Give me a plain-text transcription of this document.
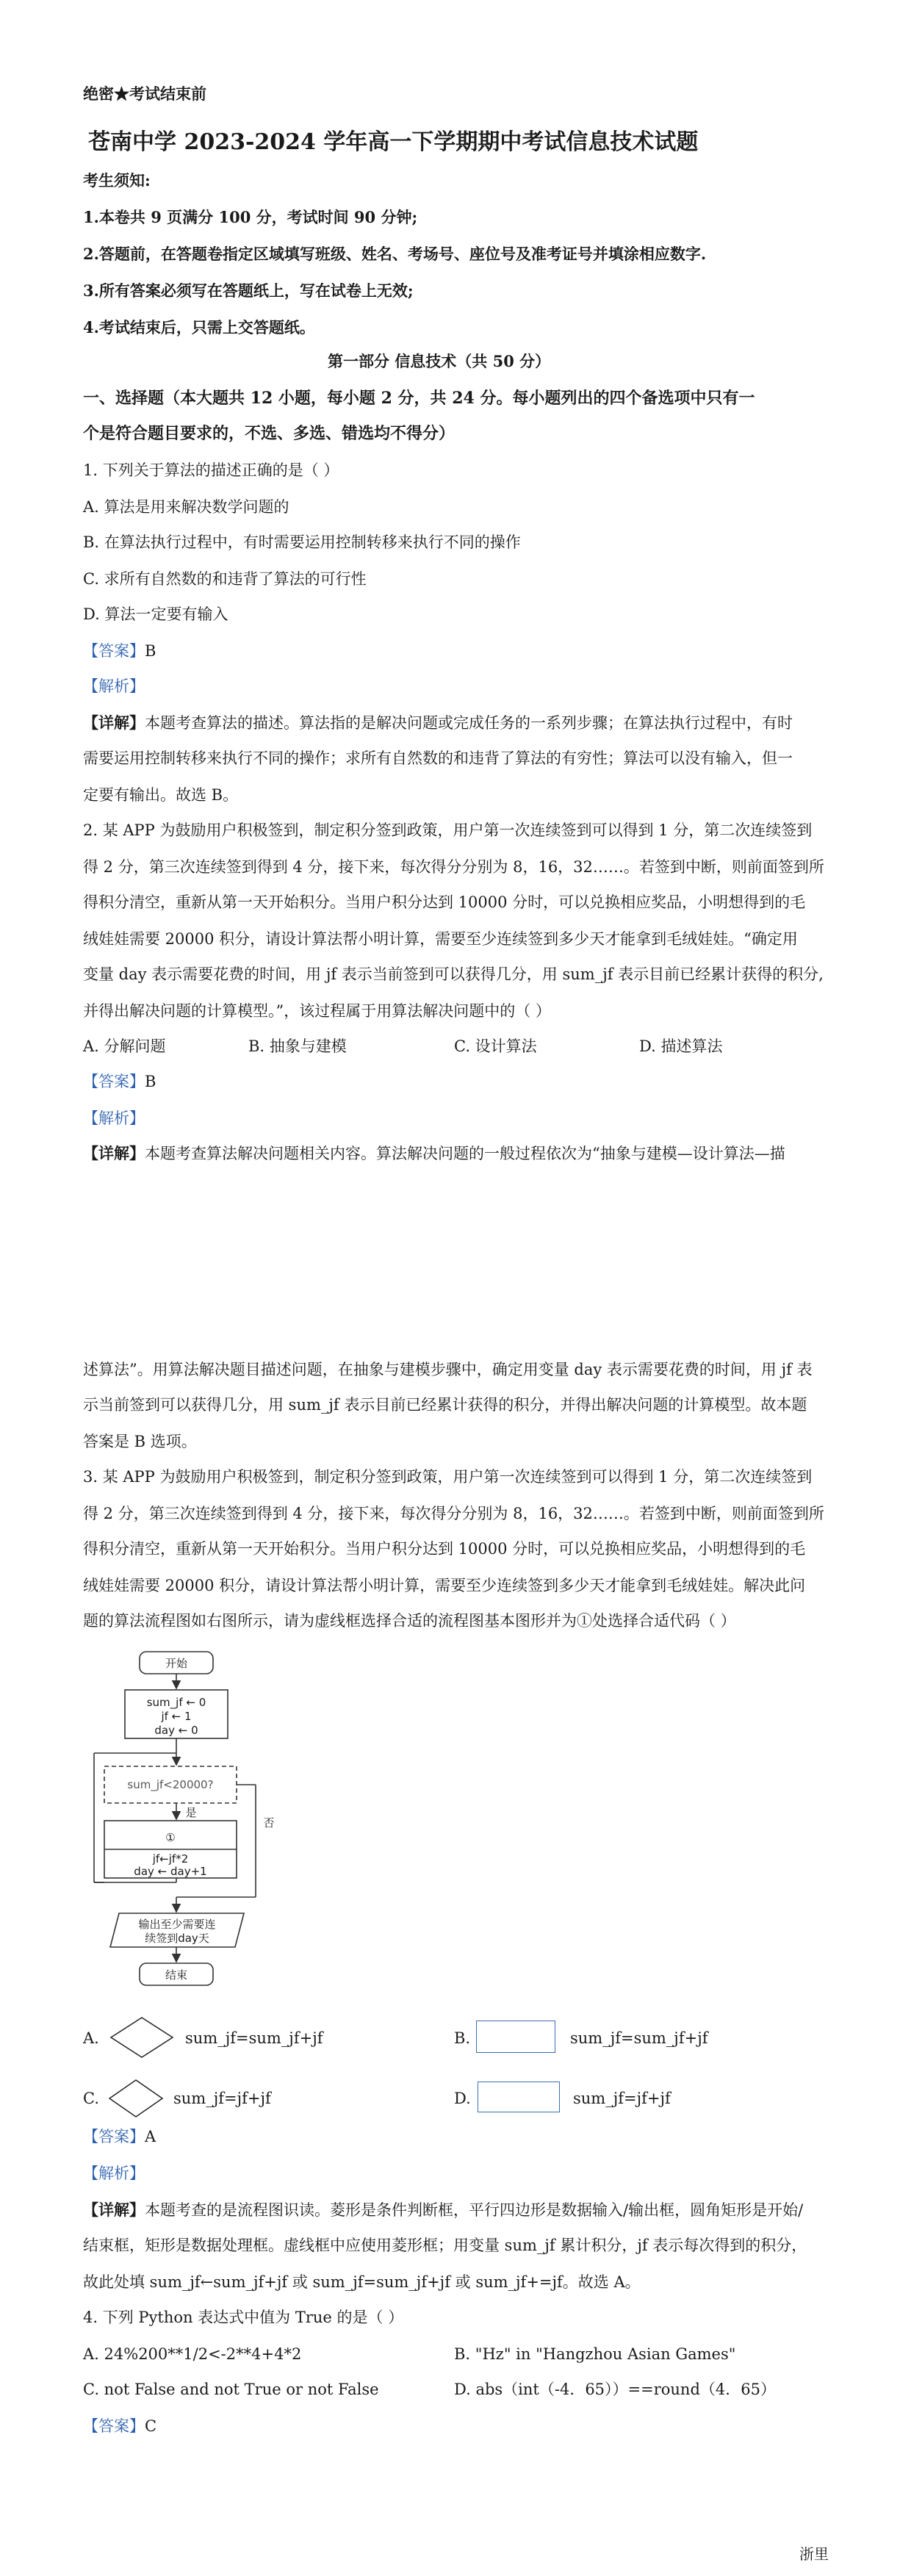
绝密★考试结束前
苍南中学 2023-2024 学年高一下学期期中考试信息技术试题
考生须知:
1.本卷共 9 页满分 100 分，考试时间 90 分钟;
2.答题前，在答题卷指定区域填写班级、姓名、考场号、座位号及准考证号并填涂相应数字.
3.所有答案必须写在答题纸上，写在试卷上无效;
4.考试结束后，只需上交答题纸。
第一部分 信息技术（共 50 分）
一、选择题（本大题共 12 小题，每小题 2 分，共 24 分。每小题列出的四个备选项中只有一
个是符合题目要求的，不选、多选、错选均不得分）
1. 下列关于算法的描述正确的是（ ）
A. 算法是用来解决数学问题的
B. 在算法执行过程中，有时需要运用控制转移来执行不同的操作
C. 求所有自然数的和违背了算法的可行性
D. 算法一定要有输入
【答案】B
【解析】
【详解】本题考查算法的描述。算法指的是解决问题或完成任务的一系列步骤；在算法执行过程中，有时
需要运用控制转移来执行不同的操作；求所有自然数的和违背了算法的有穷性；算法可以没有输入，但一
定要有输出。故选 B。
2. 某 APP 为鼓励用户积极签到，制定积分签到政策，用户第一次连续签到可以得到 1 分，第二次连续签到
得 2 分，第三次连续签到得到 4 分，接下来，每次得分分别为 8，16，32……。若签到中断，则前面签到所
得积分清空，重新从第一天开始积分。当用户积分达到 10000 分时，可以兑换相应奖品，小明想得到的毛
绒娃娃需要 20000 积分，请设计算法帮小明计算，需要至少连续签到多少天才能拿到毛绒娃娃。“确定用
变量 day 表示需要花费的时间，用 jf 表示当前签到可以获得几分，用 sum_jf 表示目前已经累计获得的积分,
并得出解决问题的计算模型。”，该过程属于用算法解决问题中的（ ）
A. 分解问题	B. 抽象与建模	C. 设计算法	D. 描述算法
【答案】B
【解析】
【详解】本题考查算法解决问题相关内容。算法解决问题的一般过程依次为“抽象与建模—设计算法—描
述算法”。用算法解决题目描述问题，在抽象与建模步骤中，确定用变量 day 表示需要花费的时间，用 jf 表
示当前签到可以获得几分，用 sum_jf 表示目前已经累计获得的积分，并得出解决问题的计算模型。故本题
答案是 B 选项。
3. 某 APP 为鼓励用户积极签到，制定积分签到政策，用户第一次连续签到可以得到 1 分，第二次连续签到
得 2 分，第三次连续签到得到 4 分，接下来，每次得分分别为 8，16，32……。若签到中断，则前面签到所
得积分清空，重新从第一天开始积分。当用户积分达到 10000 分时，可以兑换相应奖品，小明想得到的毛
绒娃娃需要 20000 积分，请设计算法帮小明计算，需要至少连续签到多少天才能拿到毛绒娃娃。解决此问
题的算法流程图如右图所示，请为虚线框选择合适的流程图基本图形并为①处选择合适代码（ ）
开始
sum_jf ← 0
jf ← 1
day ← 0
sum_jf<20000?
是
否
①
jf←jf*2
day ← day+1
输出至少需要连
续签到day天
结束
A.	sum_jf=sum_jf+jf	B.	sum_jf=sum_jf+jf
C.	sum_jf=jf+jf	D.	sum_jf=jf+jf
【答案】A
【解析】
【详解】本题考查的是流程图识读。菱形是条件判断框，平行四边形是数据输入/输出框，圆角矩形是开始/
结束框，矩形是数据处理框。虚线框中应使用菱形框；用变量 sum_jf 累计积分，jf 表示每次得到的积分，
故此处填 sum_jf←sum_jf+jf 或 sum_jf=sum_jf+jf 或 sum_jf+=jf。故选 A。
4. 下列 Python 表达式中值为 True 的是（ ）
A. 24%200**1/2<-2**4+4*2	B. "Hz" in "Hangzhou Asian Games"
C. not False and not True or not False	D. abs（int（-4．65））==round（4．65）
【答案】C
浙里
